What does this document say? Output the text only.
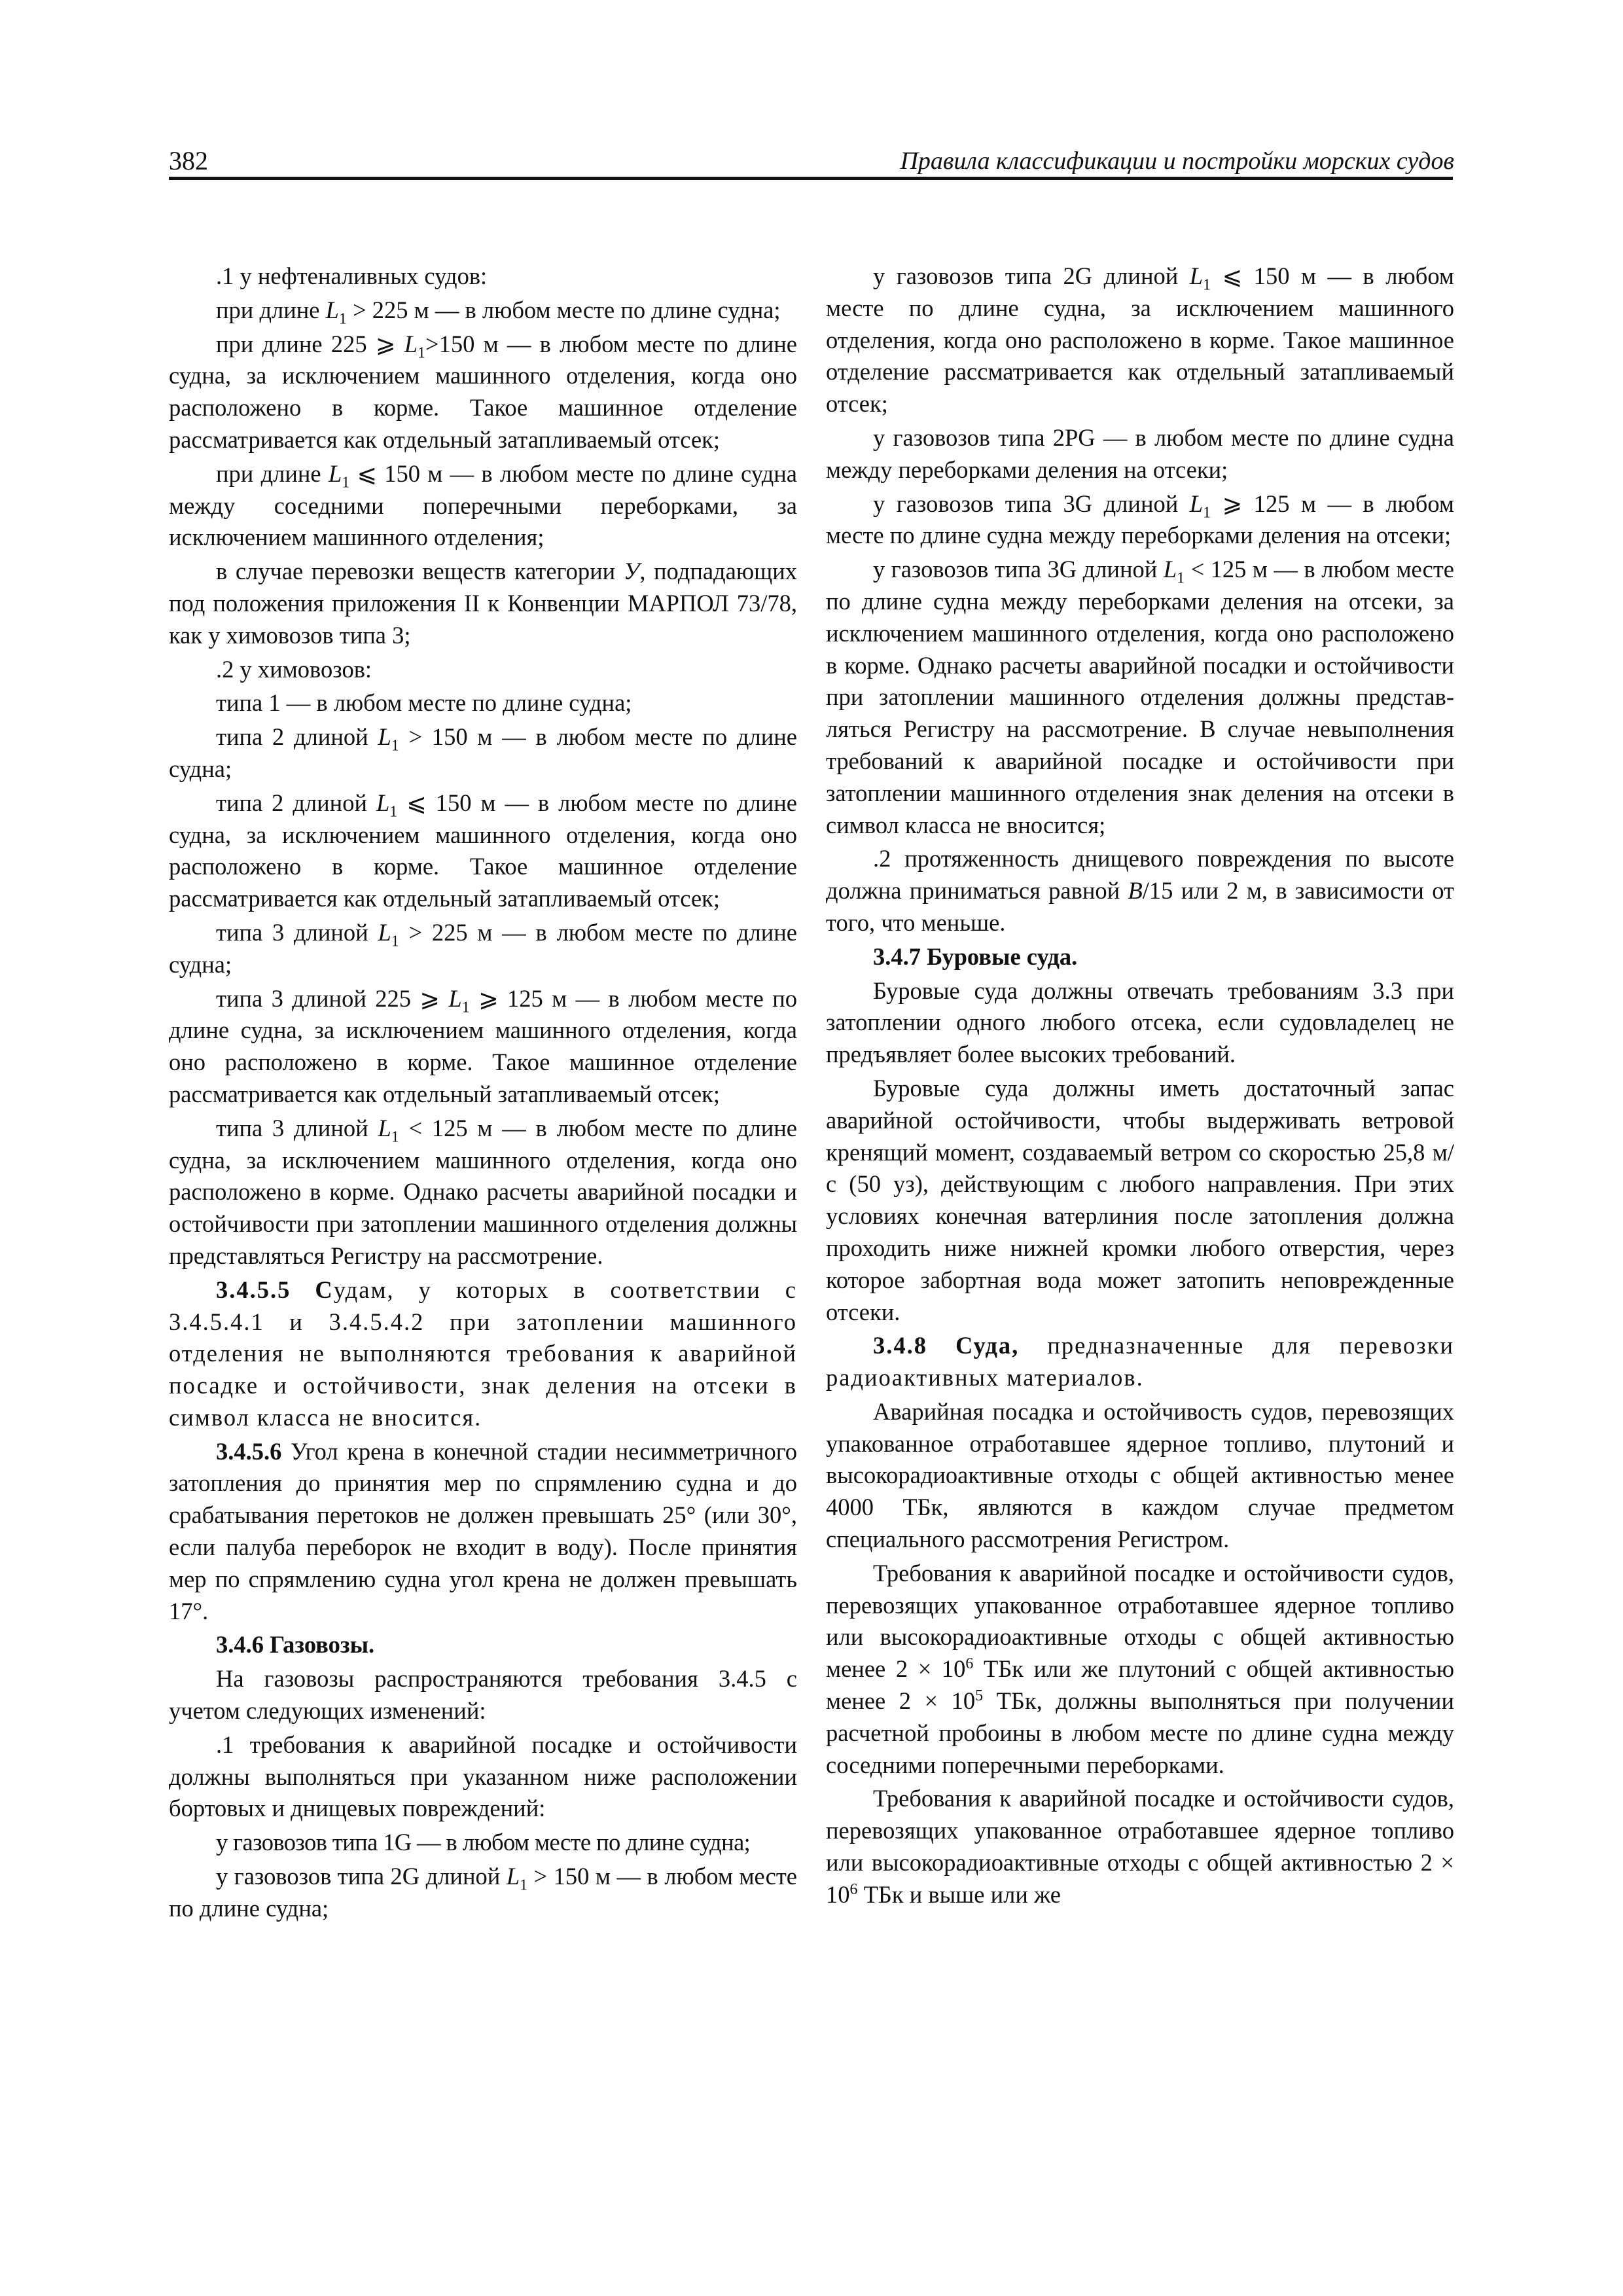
382	Правила классификации и постройки морских судов

.1 у нефтеналивных судов:

при длине $L_1 > 225$ м — в любом месте по длине судна;

при длине 225 ⩾ $L_1>150$ м — в любом месте по длине судна, за исключением машинного отделения, когда оно расположено в корме. Такое машинное отделение рассматривается как отдельный затапливаемый отсек;

при длине $L_1$ ⩽ 150 м — в любом месте по длине судна между соседними поперечными переборками, за исключением машинного отделения;

в случае перевозки веществ категории У, подпадающих под положения приложения II к Конвенции МАРПОЛ 73/78, как у химовозов типа 3;

.2 у химовозов:

типа 1 — в любом месте по длине судна;

типа 2 длиной $L_1 > 150$ м — в любом месте по длине судна;

типа 2 длиной $L_1$ ⩽ 150 м — в любом месте по длине судна, за исключением машинного отделения, когда оно расположено в корме. Такое машинное отделение рассматривается как отдельный затапливаемый отсек;

типа 3 длиной $L_1 > 225$ м — в любом месте по длине судна;

типа 3 длиной 225 ⩾ $L_1$ ⩾ 125 м — в любом месте по длине судна, за исключением машинного отделения, когда оно расположено в корме. Такое машинное отделение рассматривается как отдельный затапливаемый отсек;

типа 3 длиной $L_1 < 125$ м — в любом месте по длине судна, за исключением машинного отделения, когда оно расположено в корме. Однако расчеты аварийной посадки и остойчивости при затоплении машинного отделения должны представляться Регистру на рассмотрение.

3.4.5.5 Судам, у которых в соответствии с 3.4.5.4.1 и 3.4.5.4.2 при затоплении машинного отделения не выполняются требования к аварийной посадке и остойчивости, знак деления на отсеки в символ класса не вносится.

3.4.5.6 Угол крена в конечной стадии несимметричного затопления до принятия мер по спрямлению судна и до срабатывания перетоков не должен превышать 25° (или 30°, если палуба переборок не входит в воду). После принятия мер по спрямлению судна угол крена не должен превышать 17°.

3.4.6 Газовозы.

На газовозы распространяются требования 3.4.5 с учетом следующих изменений:

.1 требования к аварийной посадке и остойчивости должны выполняться при указанном ниже расположении бортовых и днищевых повреждений:

у газовозов типа 1G — в любом месте по длине судна;

у газовозов типа 2G длиной $L_1 > 150$ м — в любом месте по длине судна;

у газовозов типа 2G длиной $L_1$ ⩽ 150 м — в любом месте по длине судна, за исключением машинного отделения, когда оно расположено в корме. Такое машинное отделение рассматривается как отдельный затапливаемый отсек;

у газовозов типа 2PG — в любом месте по длине судна между переборками деления на отсеки;

у газовозов типа 3G длиной $L_1$ ⩾ 125 м — в любом месте по длине судна между переборками деления на отсеки;

у газовозов типа 3G длиной $L_1 < 125$ м — в любом месте по длине судна между переборками деления на отсеки, за исключением машинного отделения, когда оно расположено в корме. Однако расчеты аварийной посадки и остойчивости при затоплении машинного отделения должны представляться Регистру на рассмотрение. В случае невыполнения требований к аварийной посадке и остойчивости при затоплении машинного отделения знак деления на отсеки в символ класса не вносится;

.2 протяженность днищевого повреждения по высоте должна приниматься равной B/15 или 2 м, в зависимости от того, что меньше.

3.4.7 Буровые суда.

Буровые суда должны отвечать требованиям 3.3 при затоплении одного любого отсека, если судовладелец не предъявляет более высоких требований.

Буровые суда должны иметь достаточный запас аварийной остойчивости, чтобы выдерживать ветровой кренящий момент, создаваемый ветром со скоростью 25,8 м/с (50 уз), действующим с любого направления. При этих условиях конечная ватерлиния после затопления должна проходить ниже нижней кромки любого отверстия, через которое забортная вода может затопить неповрежденные отсеки.

3.4.8 Суда, предназначенные для перевозки радиоактивных материалов.

Аварийная посадка и остойчивость судов, перевозящих упакованное отработавшее ядерное топливо, плутоний и высокорадиоактивные отходы с общей активностью менее 4000 ТБк, являются в каждом случае предметом специального рассмотрения Регистром.

Требования к аварийной посадке и остойчивости судов, перевозящих упакованное отработавшее ядерное топливо или высокорадиоактивные отходы с общей активностью менее $2 \times 10^6$ ТБк или же плутоний с общей активностью менее $2 \times 10^5$ ТБк, должны выполняться при получении расчетной пробоины в любом месте по длине судна между соседними поперечными переборками.

Требования к аварийной посадке и остойчивости судов, перевозящих упакованное отработавшее ядерное топливо или высокорадиоактивные отходы с общей активностью $2 \times 10^6$ ТБк и выше или же
